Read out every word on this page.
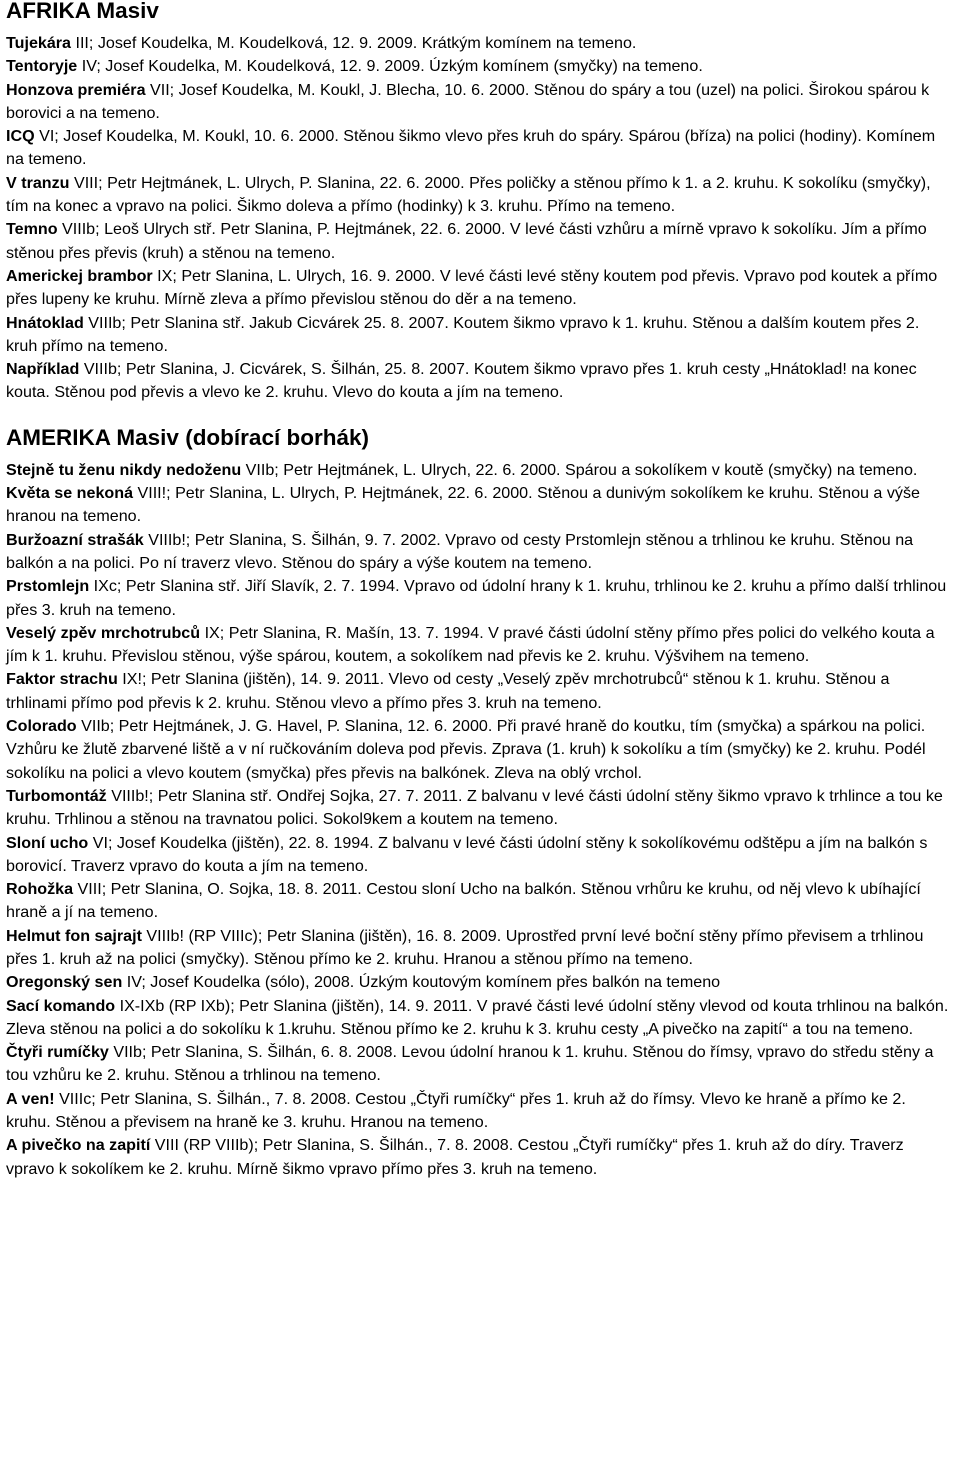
AFRIKA Masiv

Tujekára III; Josef Koudelka, M. Koudelková, 12. 9. 2009. Krátkým komínem na temeno.

Tentoryje IV; Josef Koudelka, M. Koudelková, 12. 9. 2009. Úzkým komínem (smyčky) na temeno.

Honzova premiéra VII; Josef Koudelka, M. Koukl, J. Blecha, 10. 6. 2000. Stěnou do spáry a tou (uzel) na polici. Širokou spárou k borovici a na temeno.

ICQ VI; Josef Koudelka, M. Koukl, 10. 6. 2000. Stěnou šikmo vlevo přes kruh do spáry. Spárou (bříza) na polici (hodiny). Komínem na temeno.

V tranzu VIII; Petr Hejtmánek, L. Ulrych, P. Slanina, 22. 6. 2000. Přes poličky a stěnou přímo k 1. a 2. kruhu. K sokolíku (smyčky), tím na konec a vpravo na polici. Šikmo doleva a přímo (hodinky) k 3. kruhu. Přímo na temeno.

Temno VIIIb; Leoš Ulrych stř. Petr Slanina, P. Hejtmánek, 22. 6. 2000. V levé části vzhůru a mírně vpravo k sokolíku. Jím a přímo stěnou přes převis (kruh) a stěnou na temeno.

Americkej brambor IX; Petr Slanina, L. Ulrych, 16. 9. 2000. V levé části levé stěny koutem pod převis. Vpravo pod koutek a přímo přes lupeny ke kruhu. Mírně zleva a přímo převislou stěnou do děr a na temeno.

Hnátoklad VIIIb; Petr Slanina stř. Jakub Cicvárek 25. 8. 2007. Koutem šikmo vpravo k 1. kruhu. Stěnou a dalším koutem přes 2. kruh přímo na temeno.

Například VIIIb; Petr Slanina, J. Cicvárek, S. Šilhán, 25. 8. 2007. Koutem šikmo vpravo přes 1. kruh cesty „Hnátoklad! na konec kouta. Stěnou pod převis a vlevo ke 2. kruhu. Vlevo do kouta a jím na temeno.

AMERIKA Masiv (dobírací borhák)

Stejně tu ženu nikdy nedoženu VIIb; Petr Hejtmánek, L. Ulrych, 22. 6. 2000. Spárou a sokolíkem v koutě (smyčky) na temeno.

Květa se nekoná VIII!; Petr Slanina, L. Ulrych, P. Hejtmánek, 22. 6. 2000. Stěnou a dunivým sokolíkem ke kruhu. Stěnou a výše hranou na temeno.

Buržoazní strašák VIIIb!; Petr Slanina, S. Šilhán, 9. 7. 2002. Vpravo od cesty Prstomlejn stěnou a trhlinou ke kruhu. Stěnou na balkón a na polici. Po ní traverz vlevo. Stěnou do spáry a výše koutem na temeno.

Prstomlejn IXc; Petr Slanina stř. Jiří Slavík, 2. 7. 1994. Vpravo od údolní hrany k 1. kruhu, trhlinou ke 2. kruhu a přímo další trhlinou přes 3. kruh na temeno.

Veselý zpěv mrchotrubců IX; Petr Slanina, R. Mašín, 13. 7. 1994. V pravé části údolní stěny přímo přes polici do velkého kouta a jím k 1. kruhu. Převislou stěnou, výše spárou, koutem, a sokolíkem nad převis ke 2. kruhu. Výšvihem na temeno.

Faktor strachu IX!; Petr Slanina (jištěn), 14. 9. 2011. Vlevo od cesty „Veselý zpěv mrchotrubců“ stěnou k 1. kruhu. Stěnou a trhlinami přímo pod převis k 2. kruhu. Stěnou vlevo a přímo přes 3. kruh na temeno.

Colorado VIIb; Petr Hejtmánek, J. G. Havel, P. Slanina, 12. 6. 2000. Při pravé hraně do koutku, tím (smyčka) a spárkou na polici. Vzhůru ke žlutě zbarvené liště a v ní ručkováním doleva pod převis. Zprava (1. kruh) k sokolíku a tím (smyčky) ke 2. kruhu. Podél sokolíku na polici a vlevo koutem (smyčka) přes převis na balkónek. Zleva na oblý vrchol.

Turbomontáž VIIIb!; Petr Slanina stř. Ondřej Sojka, 27. 7. 2011. Z balvanu v levé části údolní stěny šikmo vpravo k trhlince a tou ke kruhu. Trhlinou a stěnou na travnatou polici. Sokol9kem a koutem na temeno.

Sloní ucho VI; Josef Koudelka (jištěn), 22. 8. 1994. Z balvanu v levé části údolní stěny k sokolíkovému odštěpu a jím na balkón s borovicí. Traverz vpravo do kouta a jím na temeno.

Rohožka VIII; Petr Slanina, O. Sojka, 18. 8. 2011. Cestou sloní Ucho na balkón. Stěnou vrhůru ke kruhu, od něj vlevo k ubíhající hraně a jí na temeno.

Helmut fon sajrajt VIIIb! (RP VIIIc); Petr Slanina (jištěn), 16. 8. 2009. Uprostřed první levé boční stěny přímo převisem a trhlinou přes 1. kruh až na polici (smyčky). Stěnou přímo ke 2. kruhu. Hranou a stěnou přímo na temeno.

Oregonský sen IV; Josef Koudelka (sólo), 2008. Úzkým koutovým komínem přes balkón na temeno

Sací komando IX-IXb (RP IXb); Petr Slanina (jištěn), 14. 9. 2011. V pravé části levé údolní stěny vlevod od kouta trhlinou na balkón. Zleva stěnou na polici a do sokolíku k 1.kruhu. Stěnou přímo ke 2. kruhu k 3. kruhu cesty „A pivečko na zapití“ a tou na temeno.

Čtyři rumíčky VIIb; Petr Slanina, S. Šilhán, 6. 8. 2008. Levou údolní hranou k 1. kruhu. Stěnou do římsy, vpravo do středu stěny a tou vzhůru ke 2. kruhu. Stěnou a trhlinou na temeno.

A ven! VIIIc; Petr Slanina, S. Šilhán., 7. 8. 2008. Cestou „Čtyři rumíčky“ přes 1. kruh až do římsy. Vlevo ke hraně a přímo ke 2. kruhu. Stěnou a převisem na hraně ke 3. kruhu. Hranou na temeno.

A pivečko na zapití VIII (RP VIIIb); Petr Slanina, S. Šilhán., 7. 8. 2008. Cestou „Čtyři rumíčky“ přes 1. kruh až do díry. Traverz vpravo k sokolíkem ke 2. kruhu. Mírně šikmo vpravo přímo přes 3. kruh na temeno.
